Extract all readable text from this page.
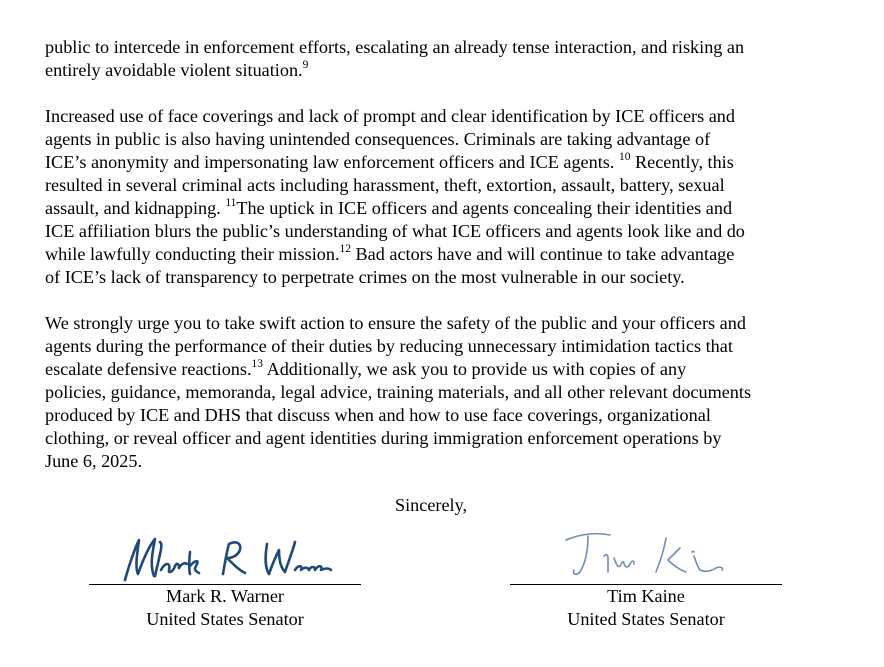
public to intercede in enforcement efforts, escalating an already tense interaction, and risking an
entirely avoidable violent situation.$^9$

Increased use of face coverings and lack of prompt and clear identification by ICE officers and
agents in public is also having unintended consequences. Criminals are taking advantage of
ICE’s anonymity and impersonating law enforcement officers and ICE agents. $^{10}$ Recently, this
resulted in several criminal acts including harassment, theft, extortion, assault, battery, sexual
assault, and kidnapping. $^{11}$The uptick in ICE officers and agents concealing their identities and
ICE affiliation blurs the public’s understanding of what ICE officers and agents look like and do
while lawfully conducting their mission.$^{12}$ Bad actors have and will continue to take advantage
of ICE’s lack of transparency to perpetrate crimes on the most vulnerable in our society.

We strongly urge you to take swift action to ensure the safety of the public and your officers and
agents during the performance of their duties by reducing unnecessary intimidation tactics that
escalate defensive reactions.$^{13}$ Additionally, we ask you to provide us with copies of any
policies, guidance, memoranda, legal advice, training materials, and all other relevant documents
produced by ICE and DHS that discuss when and how to use face coverings, organizational
clothing, or reveal officer and agent identities during immigration enforcement operations by
June 6, 2025.

Sincerely,
Mark R. Warner
United States Senator
Tim Kaine
United States Senator
